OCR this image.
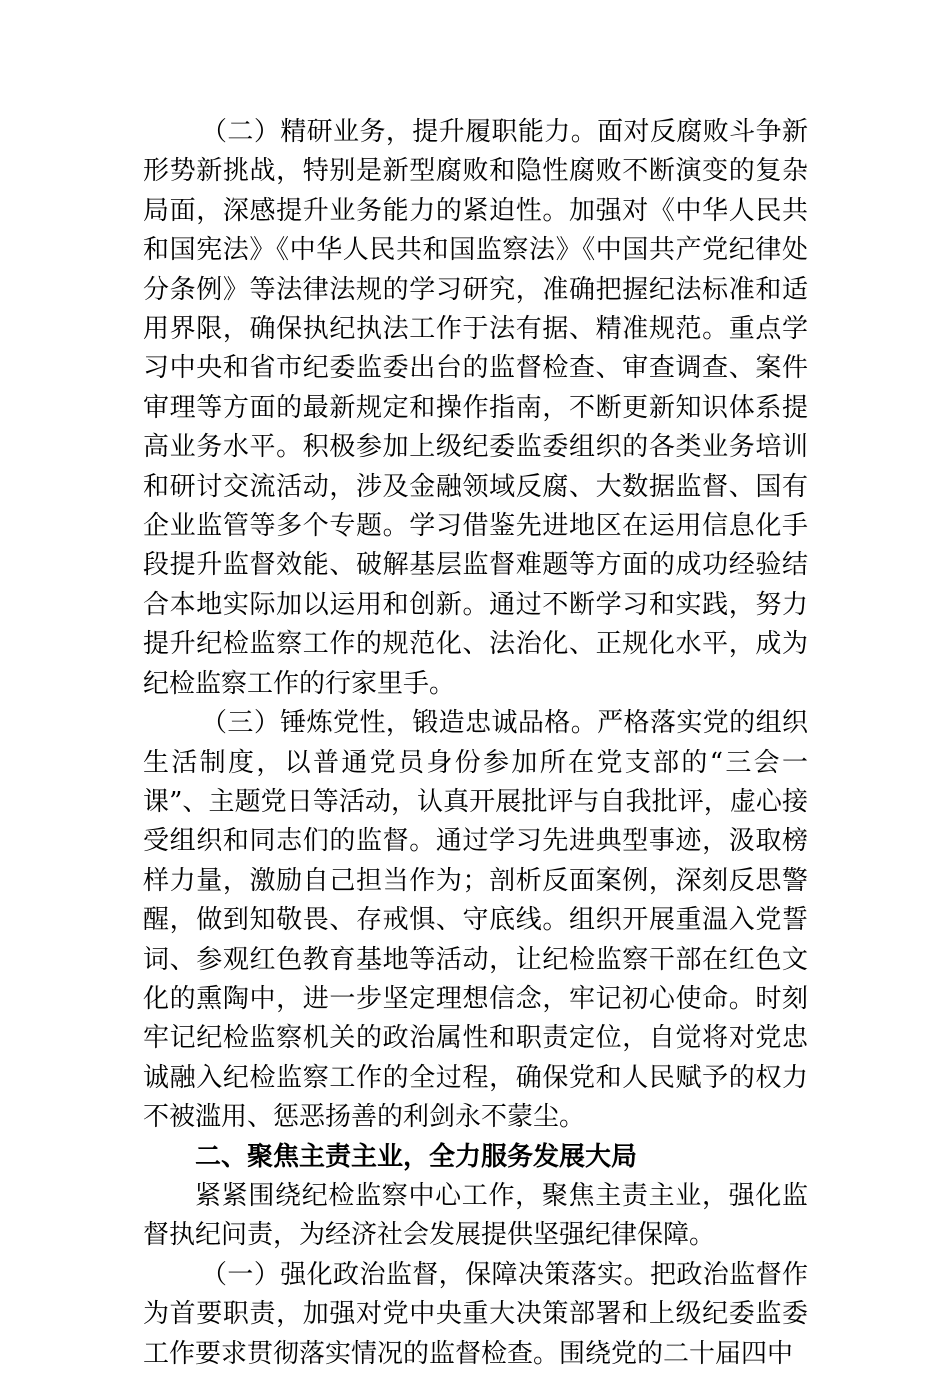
（二）精研业务，提升履职能力。面对反腐败斗争新形势新挑战，特别是新型腐败和隐性腐败不断演变的复杂局面，深感提升业务能力的紧迫性。加强对《中华人民共和国宪法》《中华人民共和国监察法》《中国共产党纪律处分条例》等法律法规的学习研究，准确把握纪法标准和适用界限，确保执纪执法工作于法有据、精准规范。重点学习中央和省市纪委监委出台的监督检查、审查调查、案件审理等方面的最新规定和操作指南，不断更新知识体系提高业务水平。积极参加上级纪委监委组织的各类业务培训和研讨交流活动，涉及金融领域反腐、大数据监督、国有企业监管等多个专题。学习借鉴先进地区在运用信息化手段提升监督效能、破解基层监督难题等方面的成功经验结合本地实际加以运用和创新。通过不断学习和实践，努力提升纪检监察工作的规范化、法治化、正规化水平，成为纪检监察工作的行家里手。

（三）锤炼党性，锻造忠诚品格。严格落实党的组织生活制度，以普通党员身份参加所在党支部的“三会一课”、主题党日等活动，认真开展批评与自我批评，虚心接受组织和同志们的监督。通过学习先进典型事迹，汲取榜样力量，激励自己担当作为；剖析反面案例，深刻反思警醒，做到知敬畏、存戒惧、守底线。组织开展重温入党誓词、参观红色教育基地等活动，让纪检监察干部在红色文化的熏陶中，进一步坚定理想信念，牢记初心使命。时刻牢记纪检监察机关的政治属性和职责定位，自觉将对党忠诚融入纪检监察工作的全过程，确保党和人民赋予的权力不被滥用、惩恶扬善的利剑永不蒙尘。

二、聚焦主责主业，全力服务发展大局

紧紧围绕纪检监察中心工作，聚焦主责主业，强化监督执纪问责，为经济社会发展提供坚强纪律保障。

（一）强化政治监督，保障决策落实。把政治监督作为首要职责，加强对党中央重大决策部署和上级纪委监委工作要求贯彻落实情况的监督检查。围绕党的二十届四中
